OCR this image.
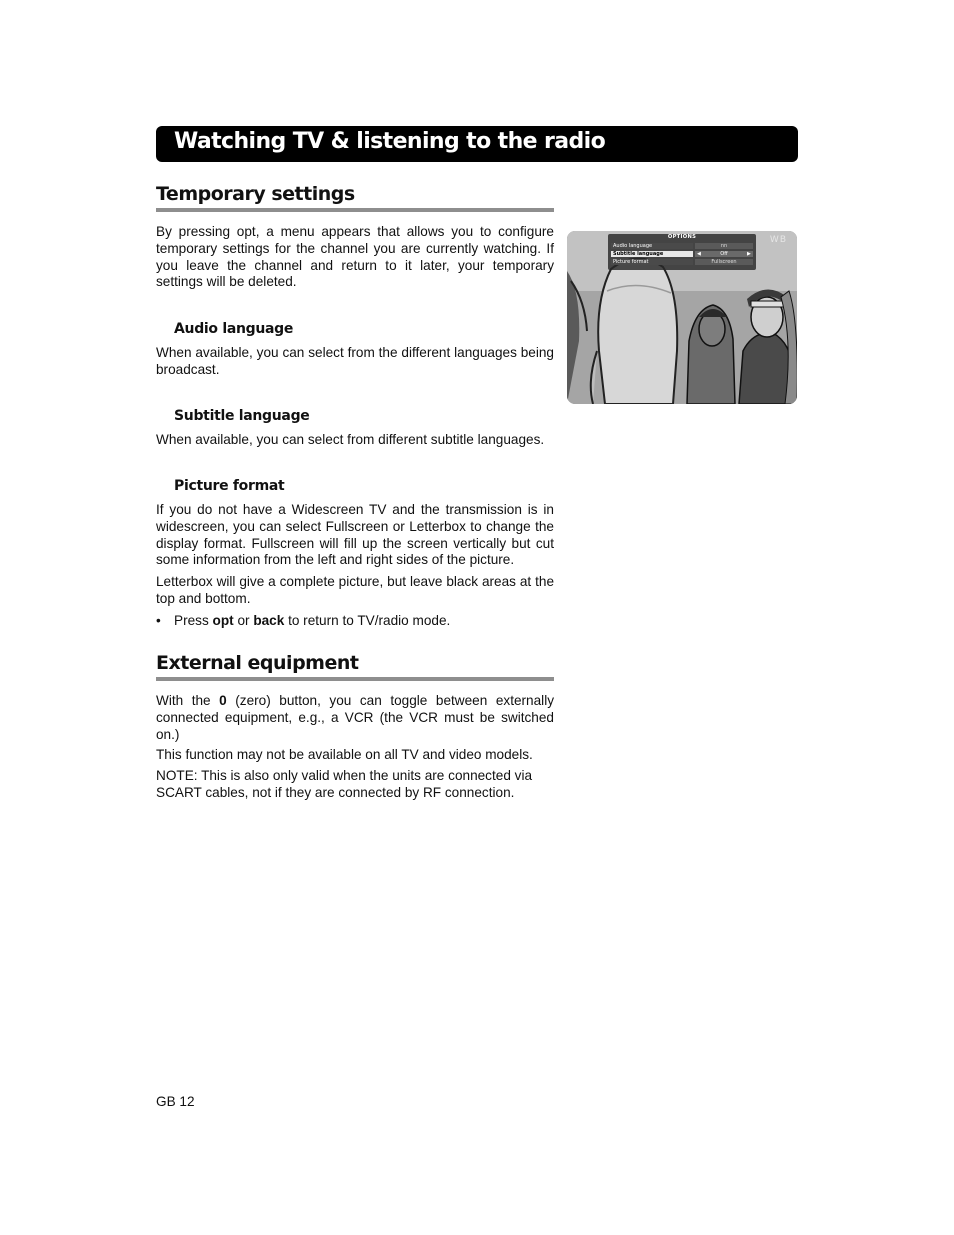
Watching TV & listening to the radio
Temporary settings

By pressing opt, a menu appears that allows you to configure temporary settings for the channel you are currently watching. If you leave the channel and return to it later, your temporary settings will be deleted.

Audio language

When available, you can select from the different languages being broadcast.

Subtitle language

When available, you can select from different subtitle languages.

Picture format

If you do not have a Widescreen TV and the transmission is in widescreen, you can select Fullscreen or Letterbox to change the display format. Fullscreen will fill up the screen vertically but cut some information from the left and right sides of the picture.

Letterbox will give a complete picture, but leave black areas at the top and bottom.

• Press opt or back to return to TV/radio mode.

External equipment

With the 0 (zero) button, you can toggle between externally connected equipment, e.g., a VCR (the VCR must be switched on.)

This function may not be available on all TV and video models.

NOTE: This is also only valid when the units are connected via SCART cables, not if they are connected by RF connection.

WB
OPTIONS
Audio language	nn
Subtitle language	Off
◀	▶
Picture format	Fullscreen
GB 12
